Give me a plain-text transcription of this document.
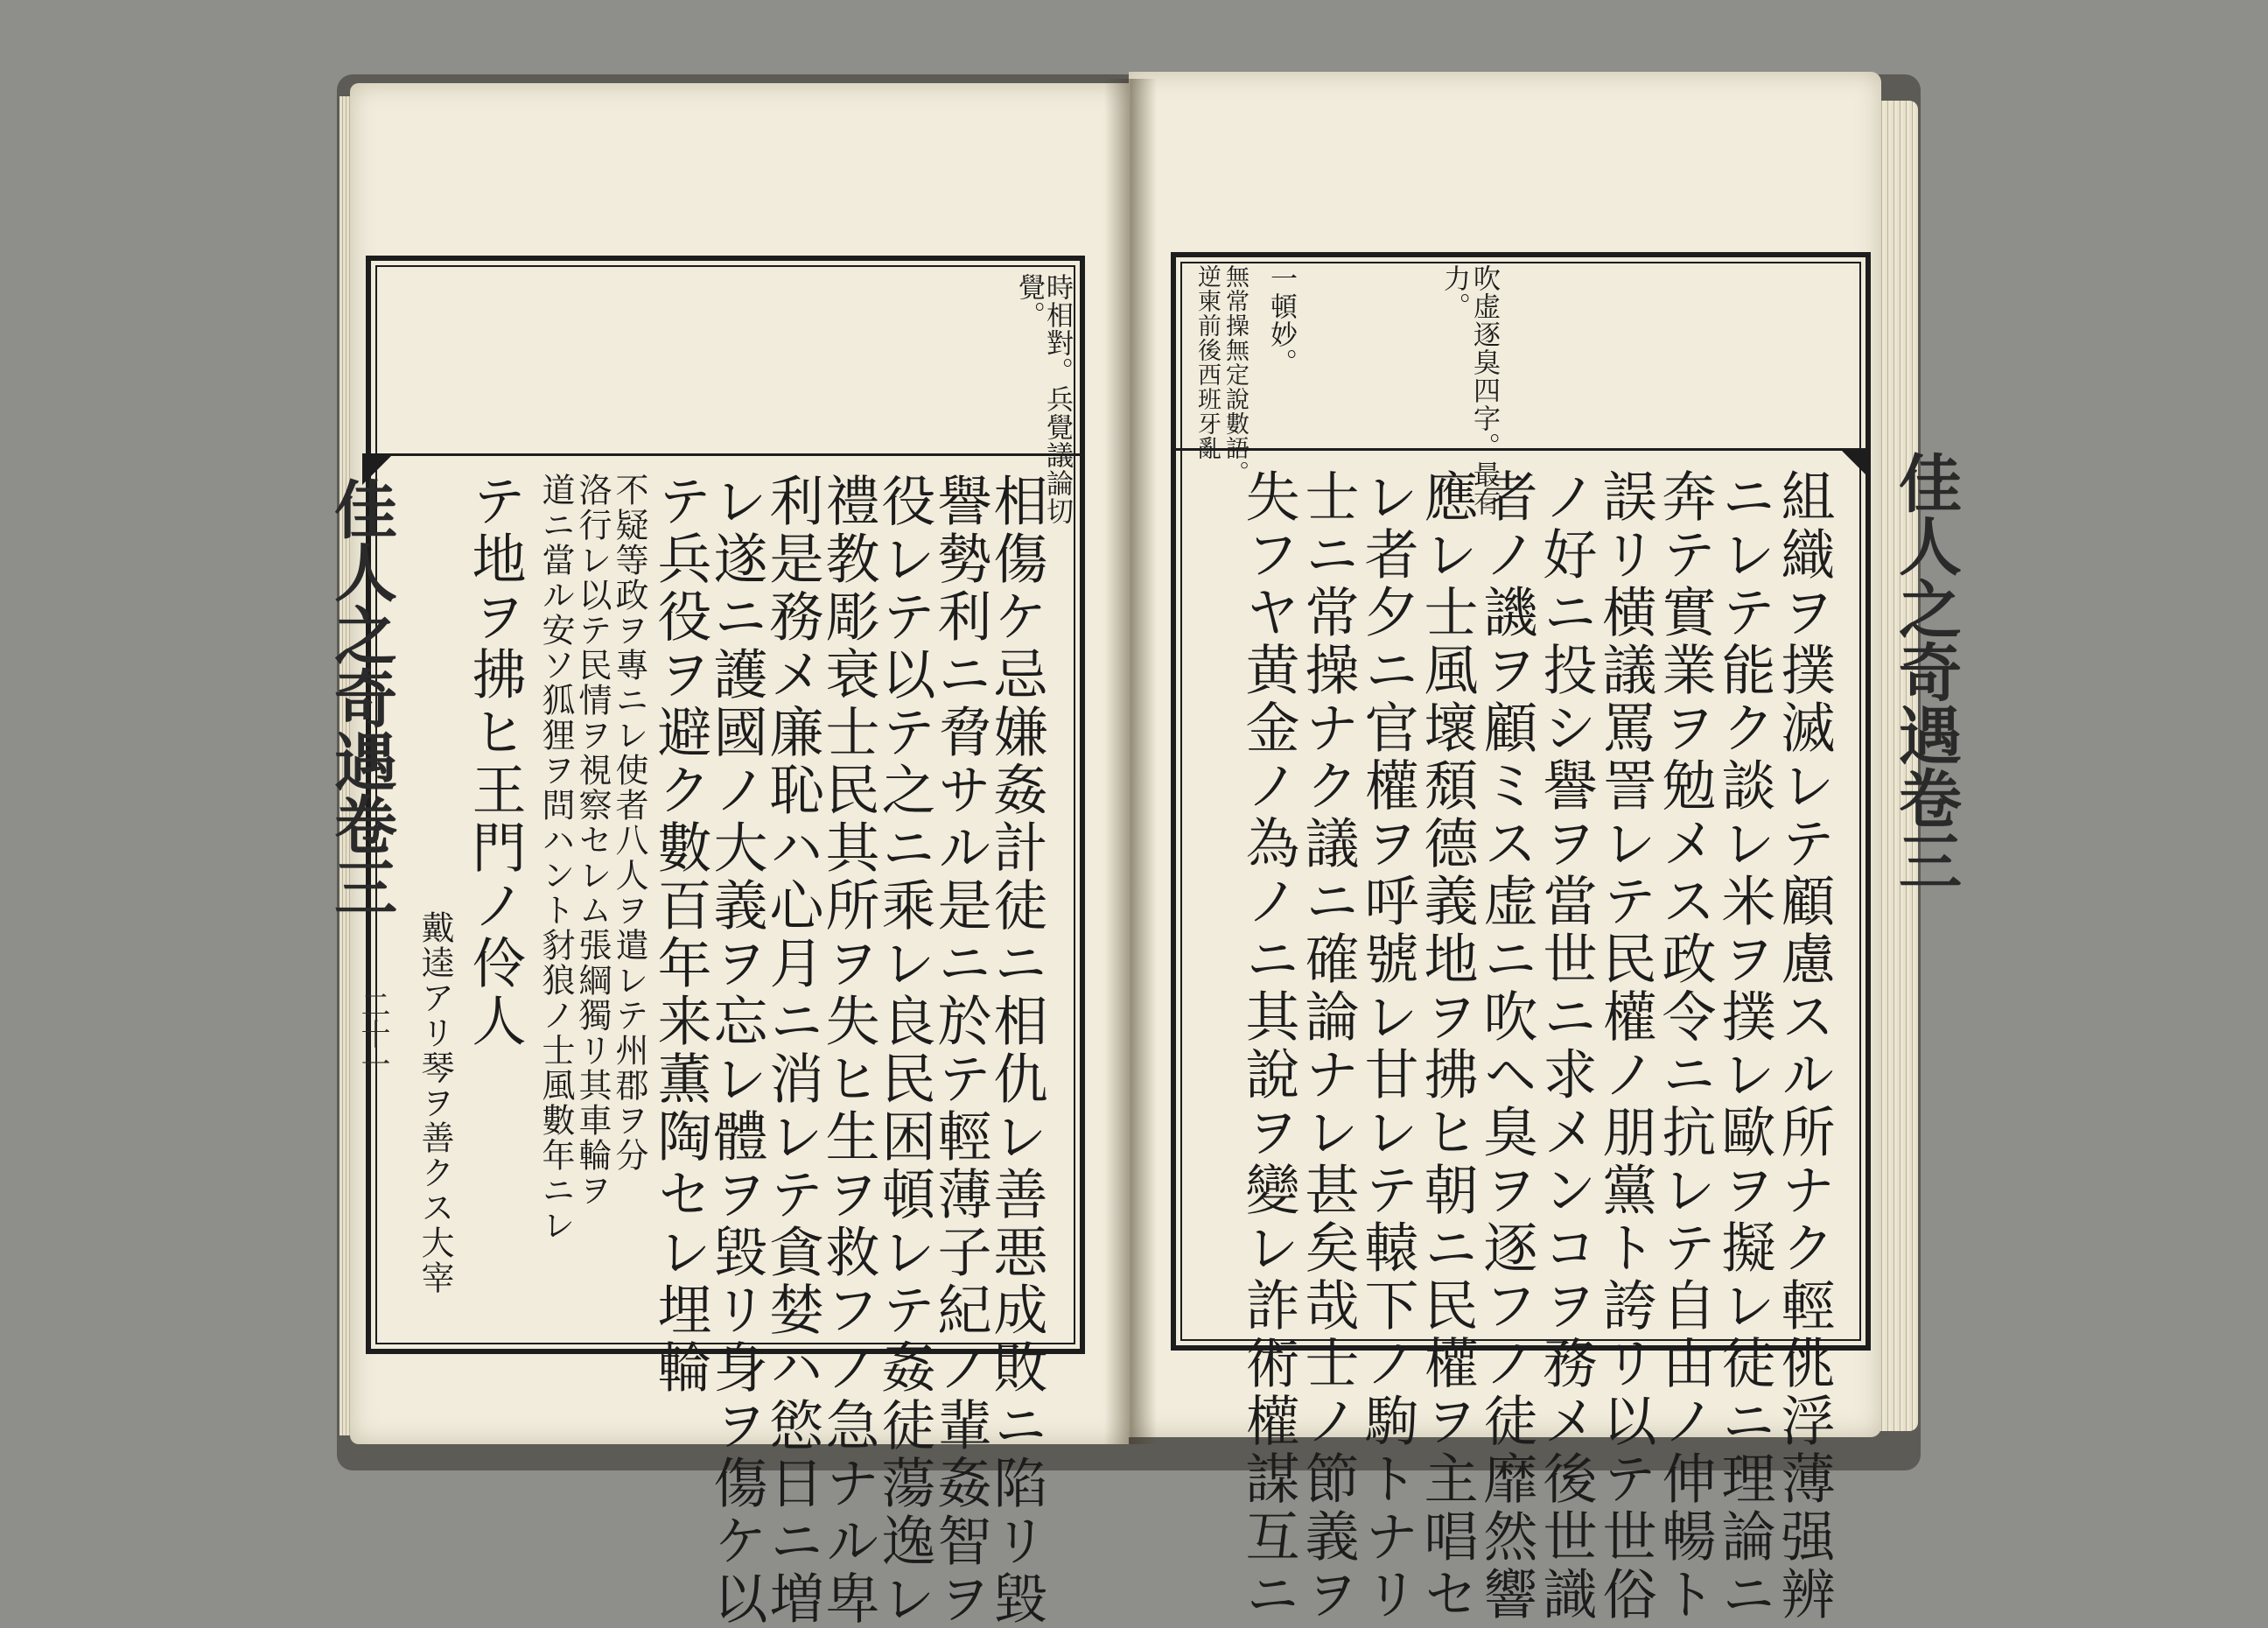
時相對。兵覺議論切
覺。
相傷ケ忌嫌姦計徒ニ相仇レ善悪成敗ニ陷リ毀
譽勢利ニ脅サル是ニ於テ輕薄子紀ノ輩姦智ヲ
役レテ以テ之ニ乘レ良民困頓レテ姦徒蕩逸レ
禮教彫衰士民其所ヲ失ヒ生ヲ救フノ急ナル卑
利是務メ廉恥ハ心月ニ消レテ貪婪ハ慾日ニ増
レ遂ニ護國ノ大義ヲ忘レ體ヲ毀リ身ヲ傷ケ以
テ兵役ヲ避ク數百年来薫陶セレ埋輪
不疑等政ヲ專ニレ使者八人ヲ遣レテ州郡ヲ分
洛行レ以テ民情ヲ視察セレム張綱獨リ其車輪ヲ
道ニ當ル安ソ狐狸ヲ問ハント豺狼ノ士風數年ニレ
テ地ヲ拂ヒ王門ノ伶人
戴逵アリ琴ヲ善クス大宰
佳人之奇遇卷三
二十一
吹虚逐臭四字。最有
力。
一頓妙。
無常操無定說數語。
逆柬前後西班牙亂
組織ヲ撲滅レテ顧慮スル所ナク輕佻浮薄强辨
ニレテ能ク談レ米ヲ撲レ歐ヲ擬レ徒ニ理論ニ
奔テ實業ヲ勉メス政令ニ抗レテ自由ノ伸暢ト
誤リ横議罵詈レテ民權ノ朋黨ト誇リ以テ世俗
ノ好ニ投シ譽ヲ當世ニ求メンコヲ務メ後世識
者ノ譏ヲ顧ミス虚ニ吹ヘ臭ヲ逐フノ徒靡然響
應レ士風壞頹德義地ヲ拂ヒ朝ニ民權ヲ主唱セ
レ者夕ニ官權ヲ呼號レ甘レテ轅下ノ駒トナリ
士ニ常操ナク議ニ確論ナレ甚矣哉士ノ節義ヲ
失フヤ黄金ノ為ノニ其說ヲ變レ詐術權謀互ニ	佳人之奇遇卷三
